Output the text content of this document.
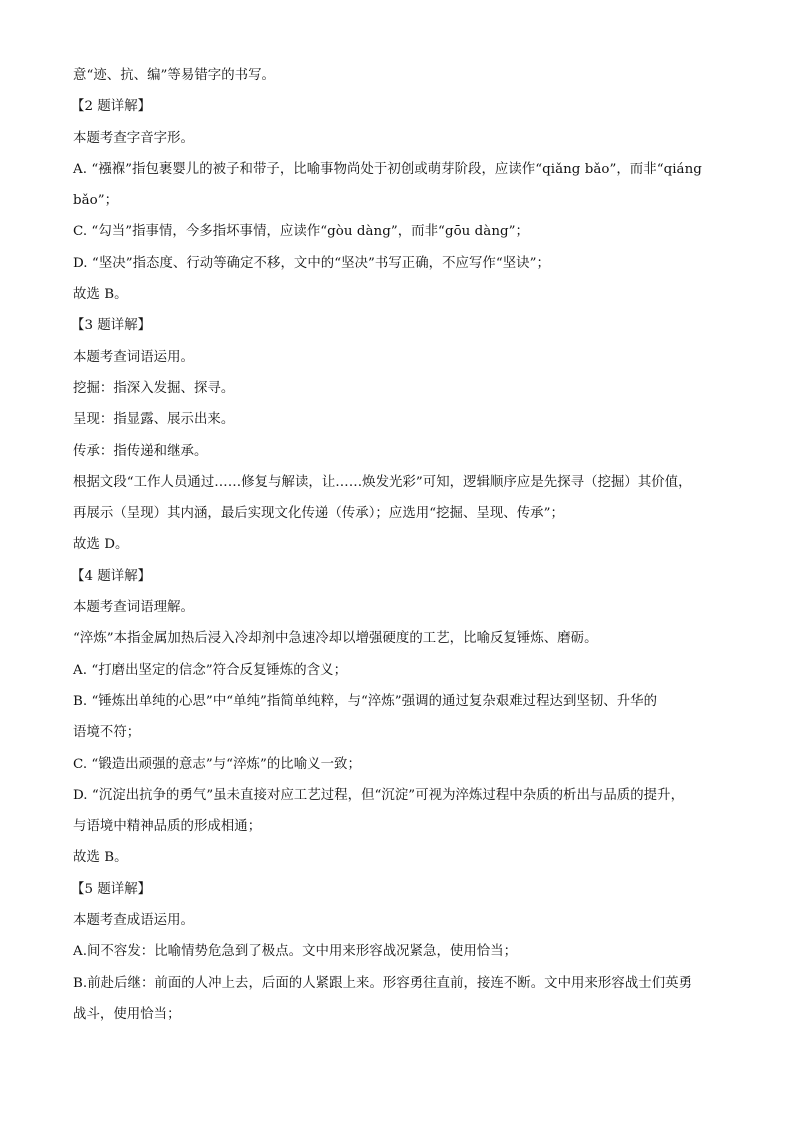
意“迹、抗、编”等易错字的书写。

【2 题详解】

本题考查字音字形。

A. “襁褓”指包裹婴儿的被子和带子，比喻事物尚处于初创或萌芽阶段，应读作“qiǎng bǎo”，而非“qiáng

bǎo”；

C. “勾当”指事情，今多指坏事情，应读作“gòu dàng”，而非“gōu dàng”；

D. “坚决”指态度、行动等确定不移，文中的“坚决”书写正确，不应写作“坚诀”；

故选 B。

【3 题详解】

本题考查词语运用。

挖掘：指深入发掘、探寻。

呈现：指显露、展示出来。

传承：指传递和继承。

根据文段“工作人员通过……修复与解读，让……焕发光彩”可知，逻辑顺序应是先探寻（挖掘）其价值，

再展示（呈现）其内涵，最后实现文化传递（传承）；应选用“挖掘、呈现、传承”；

故选 D。

【4 题详解】

本题考查词语理解。

“淬炼”本指金属加热后浸入冷却剂中急速冷却以增强硬度的工艺，比喻反复锤炼、磨砺。

A. “打磨出坚定的信念”符合反复锤炼的含义；

B. “锤炼出单纯的心思”中“单纯”指简单纯粹，与“淬炼”强调的通过复杂艰难过程达到坚韧、升华的

语境不符；

C. “锻造出顽强的意志”与“淬炼”的比喻义一致；

D. “沉淀出抗争的勇气”虽未直接对应工艺过程，但“沉淀”可视为淬炼过程中杂质的析出与品质的提升，

与语境中精神品质的形成相通；

故选 B。

【5 题详解】

本题考查成语运用。

A.间不容发：比喻情势危急到了极点。文中用来形容战况紧急，使用恰当；

B.前赴后继：前面的人冲上去，后面的人紧跟上来。形容勇往直前，接连不断。文中用来形容战士们英勇

战斗，使用恰当；
